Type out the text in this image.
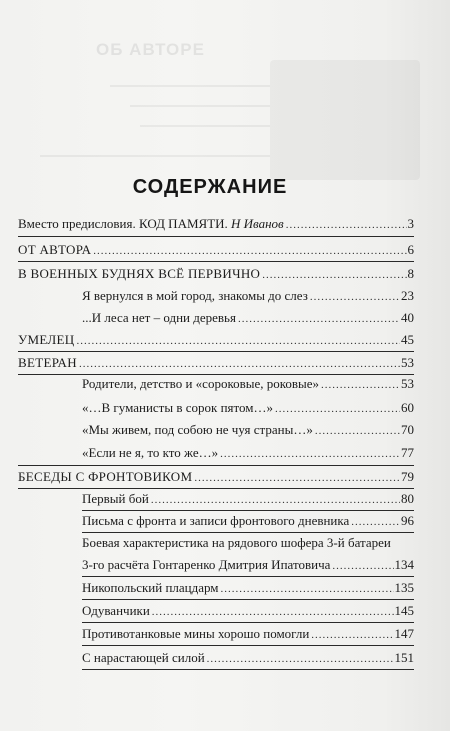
ОБ АВТОРЕ
СОДЕРЖАНИЕ
Вместо предисловия. КОД ПАМЯТИ. Н Иванов .....	3
ОТ АВТОРА .....	6
В ВОЕННЫХ БУДНЯХ ВСЁ ПЕРВИЧНО .....	8
Я вернулся в мой город, знакомы до слез .....	23
...И леса нет – одни деревья .....	40
УМЕЛЕЦ .....	45
ВЕТЕРАН .....	53
Родители, детство и «сороковые, роковые» .....	53
«…В гуманисты в сорок пятом…» .....	60
«Мы живем, под собою не чуя страны…» .....	70
«Если не я, то кто же…» .....	77
БЕСЕДЫ С ФРОНТОВИКОМ .....	79
Первый бой .....	80
Письма с фронта и записи фронтового дневника .....	96
Боевая характеристика на рядового шофера 3-й батареи
3-го расчёта Гонтаренко Дмитрия Ипатовича .....	134
Никопольский плацдарм .....	135
Одуванчики .....	145
Противотанковые мины хорошо помогли .....	147
С нарастающей силой .....	151
